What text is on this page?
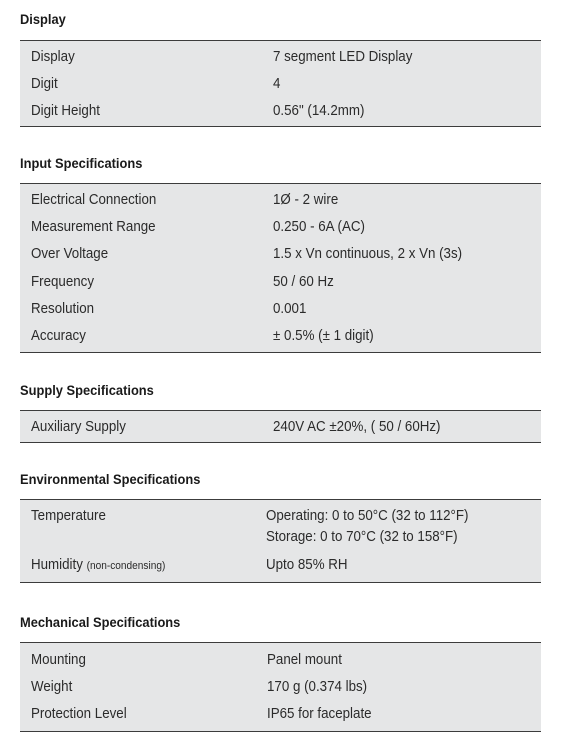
Display
Display	7 segment LED Display
Digit	4
Digit Height	0.56" (14.2mm)
Input Specifications
Electrical Connection	1Ø - 2 wire
Measurement Range	0.250 - 6A (AC)
Over Voltage	1.5 x Vn continuous, 2 x Vn (3s)
Frequency	50 / 60 Hz
Resolution	0.001
Accuracy	± 0.5% (± 1 digit)
Supply Specifications
Auxiliary Supply	240V AC ±20%, ( 50 / 60Hz)
Environmental Specifications
Temperature	Operating: 0 to 50°C (32 to 112°F)
Storage: 0 to 70°C (32 to 158°F)
Humidity (non-condensing)	Upto 85% RH
Mechanical Specifications
Mounting	Panel mount
Weight	170 g (0.374 lbs)
Protection Level	IP65 for faceplate
